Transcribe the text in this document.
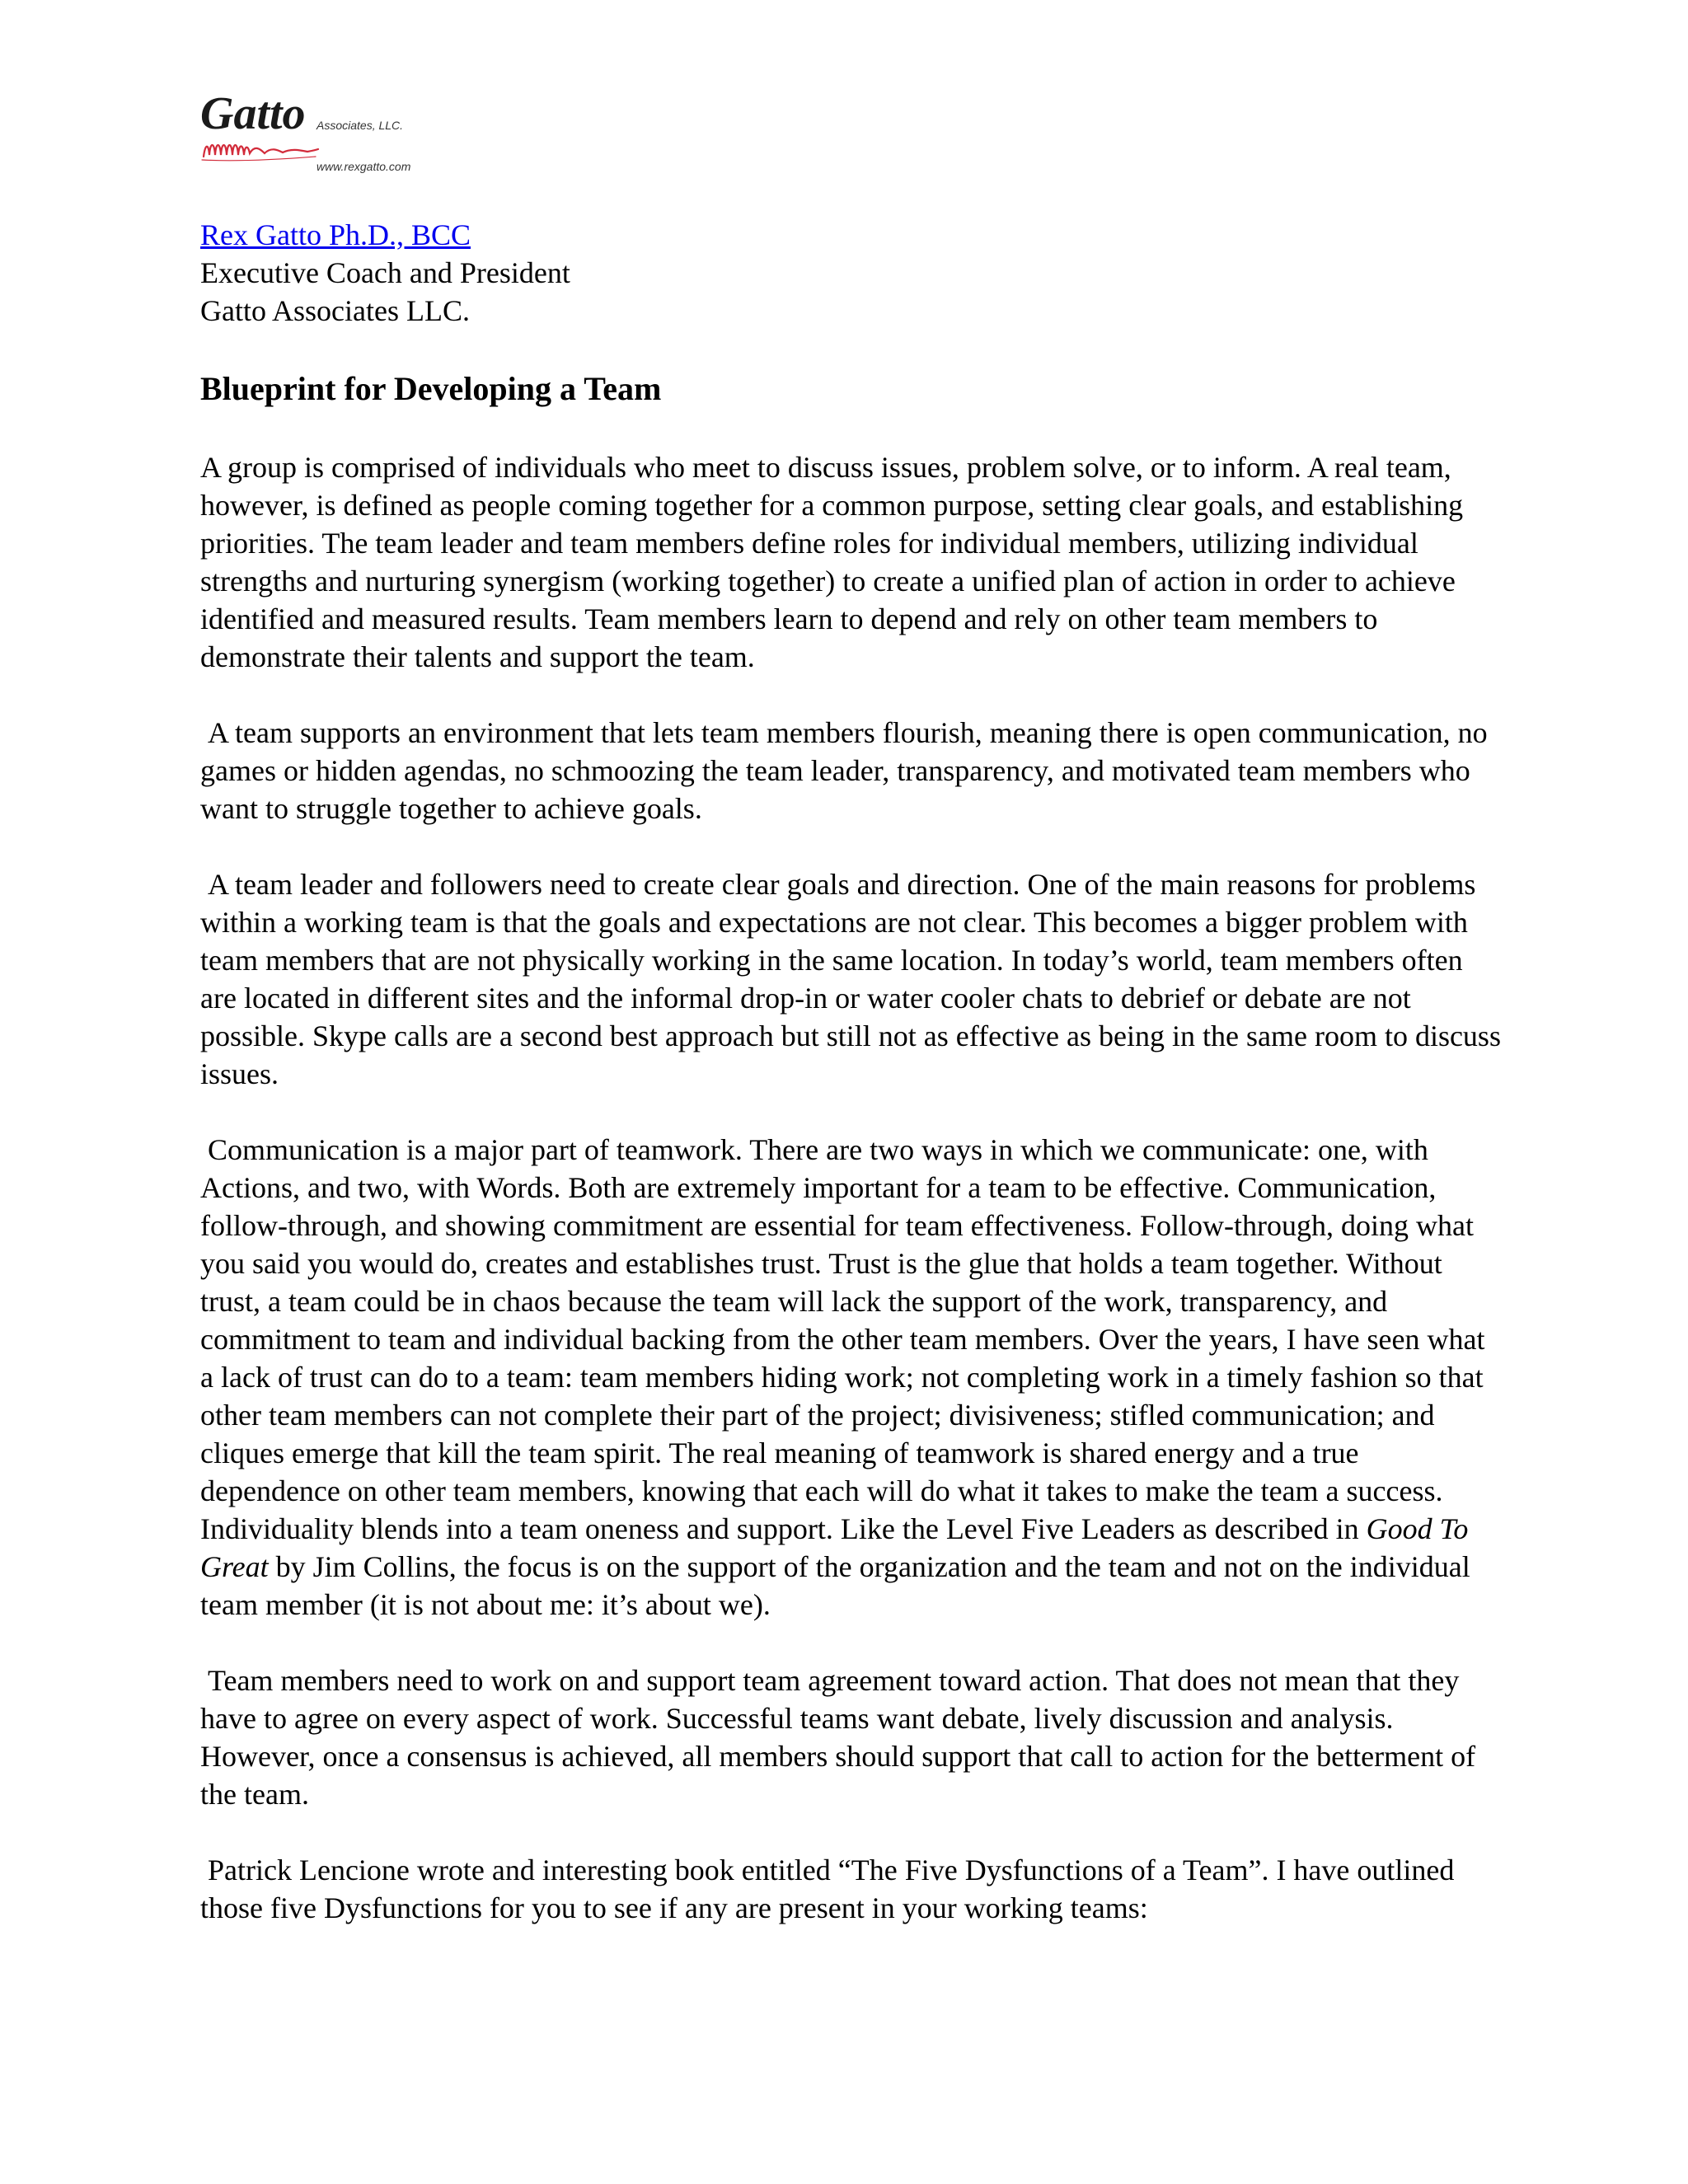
Gatto Associates, LLC.
www.rexgatto.com
Rex Gatto Ph.D., BCC
Executive Coach and President
Gatto Associates LLC.
Blueprint for Developing a Team

A group is comprised of individuals who meet to discuss issues, problem solve, or to inform. A real team, however, is defined as people coming together for a common purpose, setting clear goals, and establishing priorities. The team leader and team members define roles for individual members, utilizing individual strengths and nurturing synergism (working together) to create a unified plan of action in order to achieve identified and measured results. Team members learn to depend and rely on other team members to demonstrate their talents and support the team.

A team supports an environment that lets team members flourish, meaning there is open communication, no games or hidden agendas, no schmoozing the team leader, transparency, and motivated team members who want to struggle together to achieve goals.

A team leader and followers need to create clear goals and direction. One of the main reasons for problems within a working team is that the goals and expectations are not clear. This becomes a bigger problem with team members that are not physically working in the same location. In today’s world, team members often are located in different sites and the informal drop-in or water cooler chats to debrief or debate are not possible. Skype calls are a second best approach but still not as effective as being in the same room to discuss issues.

Communication is a major part of teamwork. There are two ways in which we communicate: one, with Actions, and two, with Words. Both are extremely important for a team to be effective. Communication, follow-through, and showing commitment are essential for team effectiveness. Follow-through, doing what you said you would do, creates and establishes trust. Trust is the glue that holds a team together. Without trust, a team could be in chaos because the team will lack the support of the work, transparency, and commitment to team and individual backing from the other team members. Over the years, I have seen what a lack of trust can do to a team: team members hiding work; not completing work in a timely fashion so that other team members can not complete their part of the project; divisiveness; stifled communication; and cliques emerge that kill the team spirit. The real meaning of teamwork is shared energy and a true dependence on other team members, knowing that each will do what it takes to make the team a success. Individuality blends into a team oneness and support. Like the Level Five Leaders as described in Good To Great by Jim Collins, the focus is on the support of the organization and the team and not on the individual team member (it is not about me: it’s about we).

Team members need to work on and support team agreement toward action. That does not mean that they have to agree on every aspect of work. Successful teams want debate, lively discussion and analysis. However, once a consensus is achieved, all members should support that call to action for the betterment of the team.

Patrick Lencione wrote and interesting book entitled “The Five Dysfunctions of a Team”. I have outlined those five Dysfunctions for you to see if any are present in your working teams:
